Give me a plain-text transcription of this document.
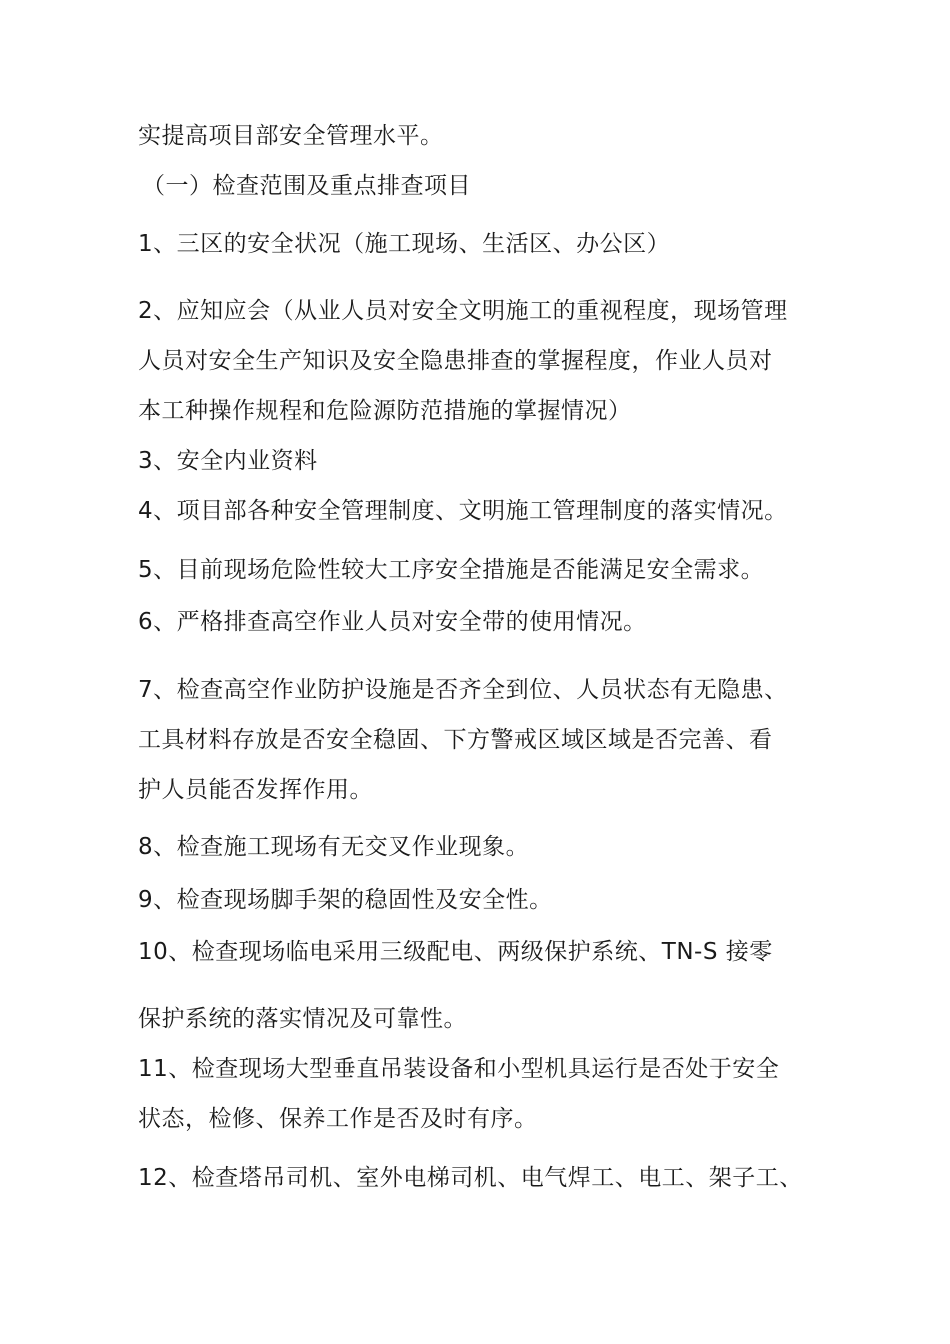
实提高项目部安全管理水平。
（一）检查范围及重点排查项目
1、三区的安全状况（施工现场、生活区、办公区）
2、应知应会（从业人员对安全文明施工的重视程度，现场管理
人员对安全生产知识及安全隐患排查的掌握程度，作业人员对
本工种操作规程和危险源防范措施的掌握情况）
3、安全内业资料
4、项目部各种安全管理制度、文明施工管理制度的落实情况。
5、目前现场危险性较大工序安全措施是否能满足安全需求。
6、严格排查高空作业人员对安全带的使用情况。
7、检查高空作业防护设施是否齐全到位、人员状态有无隐患、
工具材料存放是否安全稳固、下方警戒区域区域是否完善、看
护人员能否发挥作用。
8、检查施工现场有无交叉作业现象。
9、检查现场脚手架的稳固性及安全性。
10、检查现场临电采用三级配电、两级保护系统、TN-S 接零
保护系统的落实情况及可靠性。
11、检查现场大型垂直吊装设备和小型机具运行是否处于安全
状态，检修、保养工作是否及时有序。
12、检查塔吊司机、室外电梯司机、电气焊工、电工、架子工、
